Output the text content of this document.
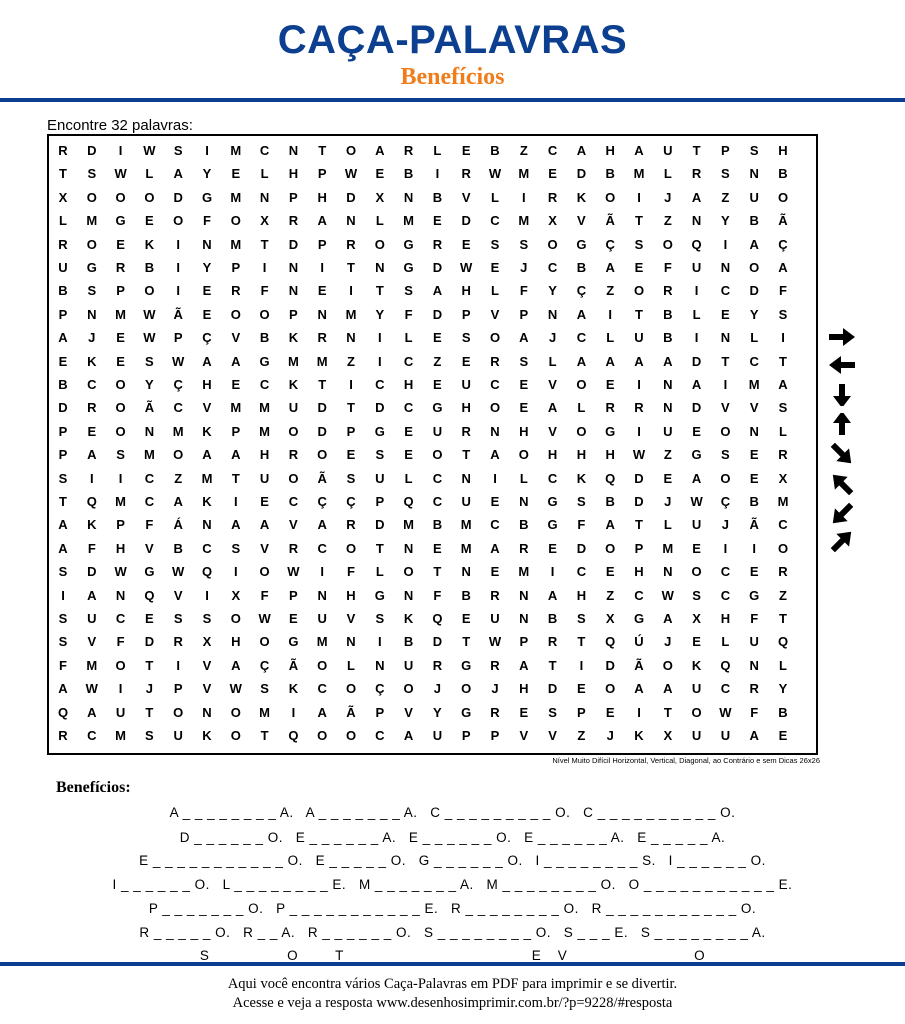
CAÇA-PALAVRAS
Benefícios
Encontre 32 palavras:
R	D	I	W	S	I	M	C	N	T	O	A	R	L	E	B	Z	C	A	H	A	U	T	P	S	H
T	S	W	L	A	Y	E	L	H	P	W	E	B	I	R	W	M	E	D	B	M	L	R	S	N	B
X	O	O	O	D	G	M	N	P	H	D	X	N	B	V	L	I	R	K	O	I	J	A	Z	U	O
L	M	G	E	O	F	O	X	R	A	N	L	M	E	D	C	M	X	V	Ã	T	Z	N	Y	B	Ã
R	O	E	K	I	N	M	T	D	P	R	O	G	R	E	S	S	O	G	Ç	S	O	Q	I	A	Ç
U	G	R	B	I	Y	P	I	N	I	T	N	G	D	W	E	J	C	B	A	E	F	U	N	O	A
B	S	P	O	I	E	R	F	N	E	I	T	S	A	H	L	F	Y	Ç	Z	O	R	I	C	D	F
P	N	M	W	Ã	E	O	O	P	N	M	Y	F	D	P	V	P	N	A	I	T	B	L	E	Y	S
A	J	E	W	P	Ç	V	B	K	R	N	I	L	E	S	O	A	J	C	L	U	B	I	N	L	I
E	K	E	S	W	A	A	G	M	M	Z	I	C	Z	E	R	S	L	A	A	A	A	D	T	C	T
B	C	O	Y	Ç	H	E	C	K	T	I	C	H	E	U	C	E	V	O	E	I	N	A	I	M	A
D	R	O	Ã	C	V	M	M	U	D	T	D	C	G	H	O	E	A	L	R	R	N	D	V	V	S
P	E	O	N	M	K	P	M	O	D	P	G	E	U	R	N	H	V	O	G	I	U	E	O	N	L
P	A	S	M	O	A	A	H	R	O	E	S	E	O	T	A	O	H	H	H	W	Z	G	S	E	R
S	I	I	C	Z	M	T	U	O	Ã	S	U	L	C	N	I	L	C	K	Q	D	E	A	O	E	X
T	Q	M	C	A	K	I	E	C	Ç	Ç	P	Q	C	U	E	N	G	S	B	D	J	W	Ç	B	M
A	K	P	F	Á	N	A	A	V	A	R	D	M	B	M	C	B	G	F	A	T	L	U	J	Ã	C
A	F	H	V	B	C	S	V	R	C	O	T	N	E	M	A	R	E	D	O	P	M	E	I	I	O
S	D	W	G	W	Q	I	O	W	I	F	L	O	T	N	E	M	I	C	E	H	N	O	C	E	R
I	A	N	Q	V	I	X	F	P	N	H	G	N	F	B	R	N	A	H	Z	C	W	S	C	G	Z
S	U	C	E	S	S	O	W	E	U	V	S	K	Q	E	U	N	B	S	X	G	A	X	H	F	T
S	V	F	D	R	X	H	O	G	M	N	I	B	D	T	W	P	R	T	Q	Ú	J	E	L	U	Q
F	M	O	T	I	V	A	Ç	Ã	O	L	N	U	R	G	R	A	T	I	D	Ã	O	K	Q	N	L
A	W	I	J	P	V	W	S	K	C	O	Ç	O	J	O	J	H	D	E	O	A	A	U	C	R	Y
Q	A	U	T	O	N	O	M	I	A	Ã	P	V	Y	G	R	E	S	P	E	I	T	O	W	F	B
R	C	M	S	U	K	O	T	Q	O	O	C	A	U	P	P	V	V	Z	J	K	X	U	U	A	E
Nível Muito Difícil Horizontal, Vertical, Diagonal, ao Contrário e sem Dicas 26x26
Benefícios:
A _ _ _ _ _ _ _ _ A.   A _ _ _ _ _ _ _ A.   C _ _ _ _ _ _ _ _ _ O.   C _ _ _ _ _ _ _ _ _ _ O.
D _ _ _ _ _ _ O.   E _ _ _ _ _ _ A.   E _ _ _ _ _ _ O.   E _ _ _ _ _ _ A.   E _ _ _ _ _ A.
E _ _ _ _ _ _ _ _ _ _ _ O.   E _ _ _ _ _ O.   G _ _ _ _ _ _ O.   I _ _ _ _ _ _ _ _ S.   I _ _ _ _ _ _ O.
I _ _ _ _ _ _ O.   L _ _ _ _ _ _ _ _ E.   M _ _ _ _ _ _ _ A.   M _ _ _ _ _ _ _ _ O.   O _ _ _ _ _ _ _ _ _ _ _ E.
P _ _ _ _ _ _ _ O.   P _ _ _ _ _ _ _ _ _ _ _ E.   R _ _ _ _ _ _ _ _ O.   R _ _ _ _ _ _ _ _ _ _ _ O.
R _ _ _ _ _ O.   R _ _ A.   R _ _ _ _ _ _ O.   S _ _ _ _ _ _ _ _ O.   S _ _ _ E.   S _ _ _ _ _ _ _ _ A.
S _ _ _ _ _ _ O   _ _ T _ _ _ _ _ _ _ _ _ _ _ _ _ _ _ E _ V _ _ _ _ _ _ _ _ _ _ O
Aqui você encontra vários Caça-Palavras em PDF para imprimir e se divertir.
Acesse e veja a resposta www.desenhosimprimir.com.br/?p=9228/#resposta
